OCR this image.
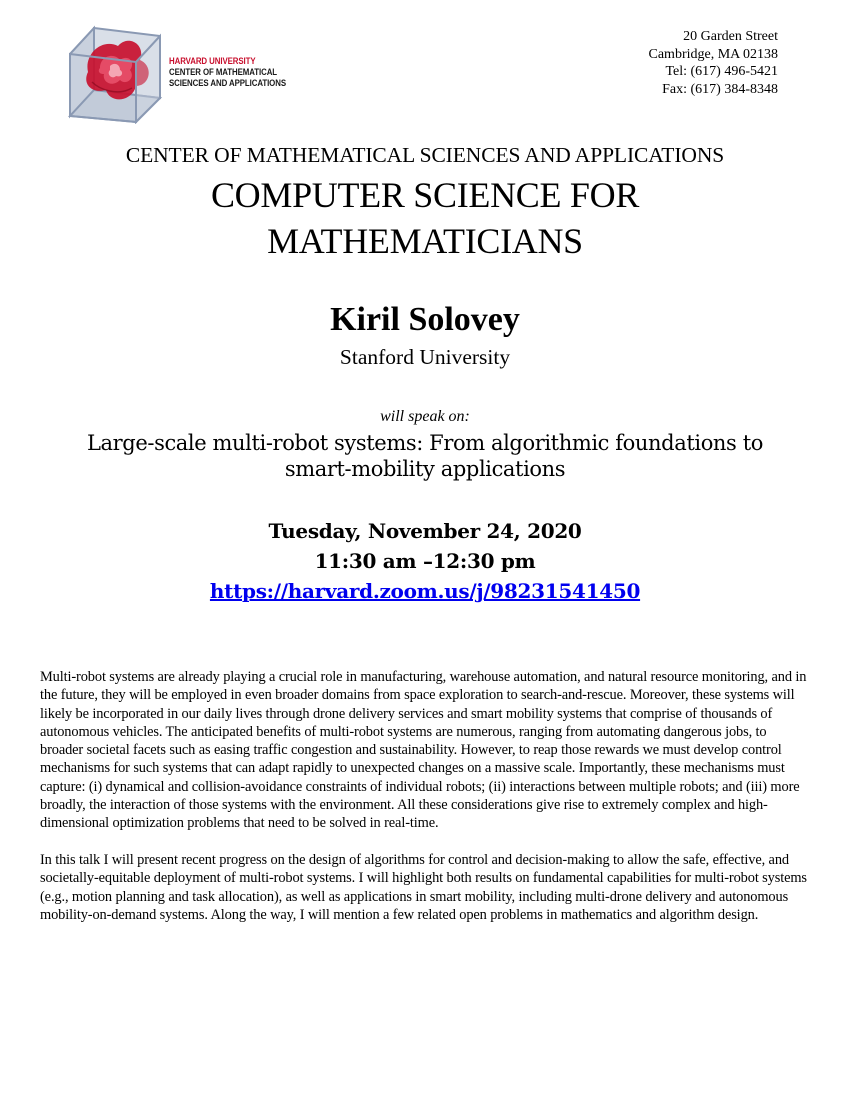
HARVARD UNIVERSITY
CENTER OF MATHEMATICAL
SCIENCES AND APPLICATIONS
20 Garden Street
Cambridge, MA 02138
Tel: (617) 496-5421
Fax: (617) 384-8348
CENTER OF MATHEMATICAL SCIENCES AND APPLICATIONS
COMPUTER SCIENCE FOR
MATHEMATICIANS
Kiril Solovey
Stanford University
will speak on:
Large-scale multi-robot systems: From algorithmic foundations to smart-mobility applications
Tuesday, November 24, 2020
11:30 am –12:30 pm
https://harvard.zoom.us/j/98231541450

Multi-robot systems are already playing a crucial role in manufacturing, warehouse automation, and natural resource monitoring, and in the future, they will be employed in even broader domains from space exploration to search-and-rescue. Moreover, these systems will likely be incorporated in our daily lives through drone delivery services and smart mobility systems that comprise of thousands of autonomous vehicles. The anticipated benefits of multi-robot systems are numerous, ranging from automating dangerous jobs, to broader societal facets such as easing traffic congestion and sustainability. However, to reap those rewards we must develop control mechanisms for such systems that can adapt rapidly to unexpected changes on a massive scale. Importantly, these mechanisms must capture: (i) dynamical and collision-avoidance constraints of individual robots; (ii) interactions between multiple robots; and (iii) more broadly, the interaction of those systems with the environment. All these considerations give rise to extremely complex and high-dimensional optimization problems that need to be solved in real-time.

In this talk I will present recent progress on the design of algorithms for control and decision-making to allow the safe, effective, and societally-equitable deployment of multi-robot systems. I will highlight both results on fundamental capabilities for multi-robot systems (e.g., motion planning and task allocation), as well as applications in smart mobility, including multi-drone delivery and autonomous mobility-on-demand systems. Along the way, I will mention a few related open problems in mathematics and algorithm design.
